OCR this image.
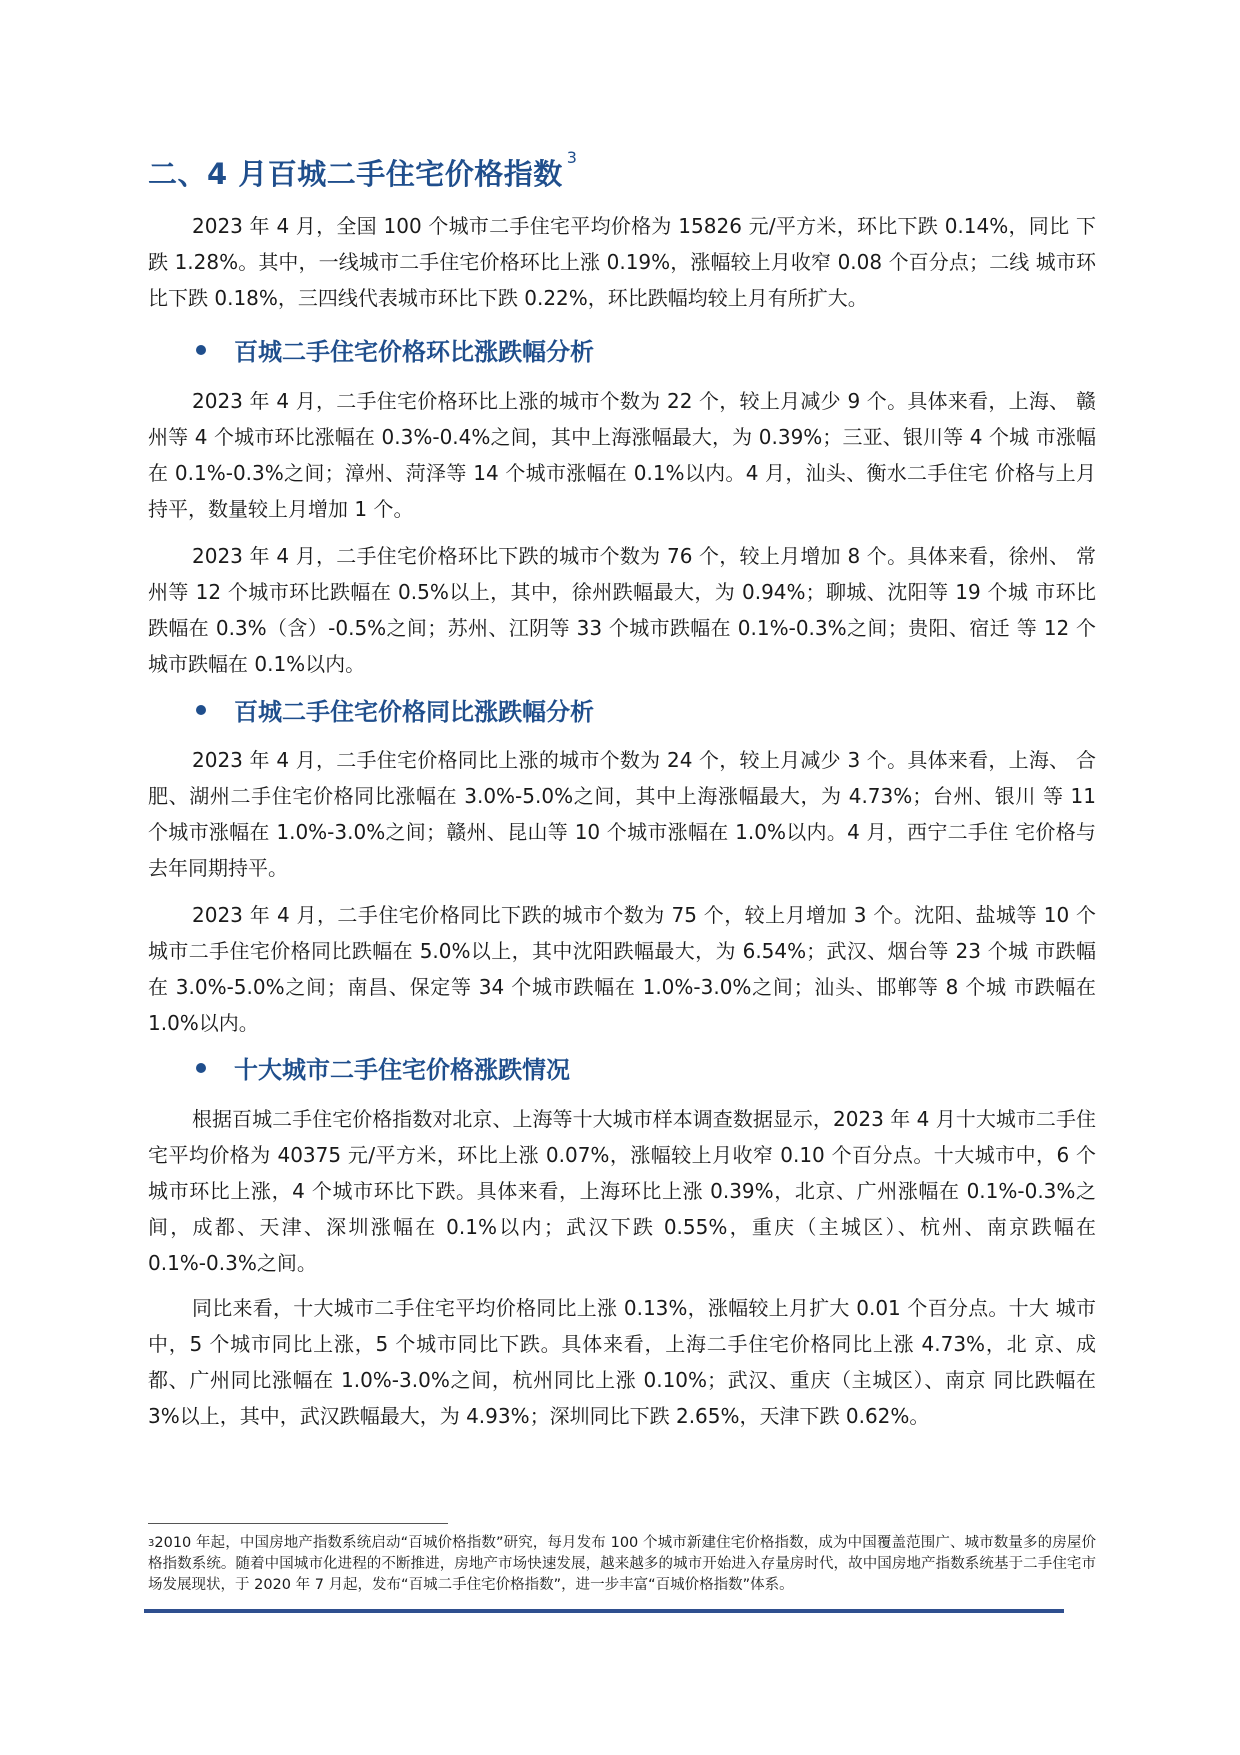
二、4 月百城二手住宅价格指数 $^3$

2023 年 4 月，全国 100 个城市二手住宅平均价格为 15826 元/平方米，环比下跌 0.14%，同比 下跌 1.28%。其中，一线城市二手住宅价格环比上涨 0.19%，涨幅较上月收窄 0.08 个百分点；二线 城市环比下跌 0.18%，三四线代表城市环比下跌 0.22%，环比跌幅均较上月有所扩大。

百城二手住宅价格环比涨跌幅分析

2023 年 4 月，二手住宅价格环比上涨的城市个数为 22 个，较上月减少 9 个。具体来看，上海、 赣州等 4 个城市环比涨幅在 0.3%-0.4%之间，其中上海涨幅最大，为 0.39%；三亚、银川等 4 个城 市涨幅在 0.1%-0.3%之间；漳州、菏泽等 14 个城市涨幅在 0.1%以内。4 月，汕头、衡水二手住宅 价格与上月持平，数量较上月增加 1 个。

2023 年 4 月，二手住宅价格环比下跌的城市个数为 76 个，较上月增加 8 个。具体来看，徐州、 常州等 12 个城市环比跌幅在 0.5%以上，其中，徐州跌幅最大，为 0.94%；聊城、沈阳等 19 个城 市环比跌幅在 0.3%（含）-0.5%之间；苏州、江阴等 33 个城市跌幅在 0.1%-0.3%之间；贵阳、宿迁 等 12 个城市跌幅在 0.1%以内。

百城二手住宅价格同比涨跌幅分析

2023 年 4 月，二手住宅价格同比上涨的城市个数为 24 个，较上月减少 3 个。具体来看，上海、 合肥、湖州二手住宅价格同比涨幅在 3.0%-5.0%之间，其中上海涨幅最大，为 4.73%；台州、银川 等 11 个城市涨幅在 1.0%-3.0%之间；赣州、昆山等 10 个城市涨幅在 1.0%以内。4 月，西宁二手住 宅价格与去年同期持平。

2023 年 4 月，二手住宅价格同比下跌的城市个数为 75 个，较上月增加 3 个。沈阳、盐城等 10 个城市二手住宅价格同比跌幅在 5.0%以上，其中沈阳跌幅最大，为 6.54%；武汉、烟台等 23 个城 市跌幅在 3.0%-5.0%之间；南昌、保定等 34 个城市跌幅在 1.0%-3.0%之间；汕头、邯郸等 8 个城 市跌幅在 1.0%以内。

十大城市二手住宅价格涨跌情况

根据百城二手住宅价格指数对北京、上海等十大城市样本调查数据显示，2023 年 4 月十大城市二手住宅平均价格为 40375 元/平方米，环比上涨 0.07%，涨幅较上月收窄 0.10 个百分点。十大城市中，6 个城市环比上涨，4 个城市环比下跌。具体来看，上海环比上涨 0.39%，北京、广州涨幅在 0.1%-0.3%之间，成都、天津、深圳涨幅在 0.1%以内；武汉下跌 0.55%，重庆（主城区）、杭州、南京跌幅在 0.1%-0.3%之间。

同比来看，十大城市二手住宅平均价格同比上涨 0.13%，涨幅较上月扩大 0.01 个百分点。十大 城市中，5 个城市同比上涨，5 个城市同比下跌。具体来看，上海二手住宅价格同比上涨 4.73%，北 京、成都、广州同比涨幅在 1.0%-3.0%之间，杭州同比上涨 0.10%；武汉、重庆（主城区）、南京 同比跌幅在 3%以上，其中，武汉跌幅最大，为 4.93%；深圳同比下跌 2.65%，天津下跌 0.62%。

$^3$2010 年起，中国房地产指数系统启动“百城价格指数”研究，每月发布 100 个城市新建住宅价格指数，成为中国覆盖范围广、城市数量多的房屋价格指数系统。随着中国城市化进程的不断推进，房地产市场快速发展，越来越多的城市开始进入存量房时代，故中国房地产指数系统基于二手住宅市场发展现状，于 2020 年 7 月起，发布“百城二手住宅价格指数”，进一步丰富“百城价格指数”体系。
